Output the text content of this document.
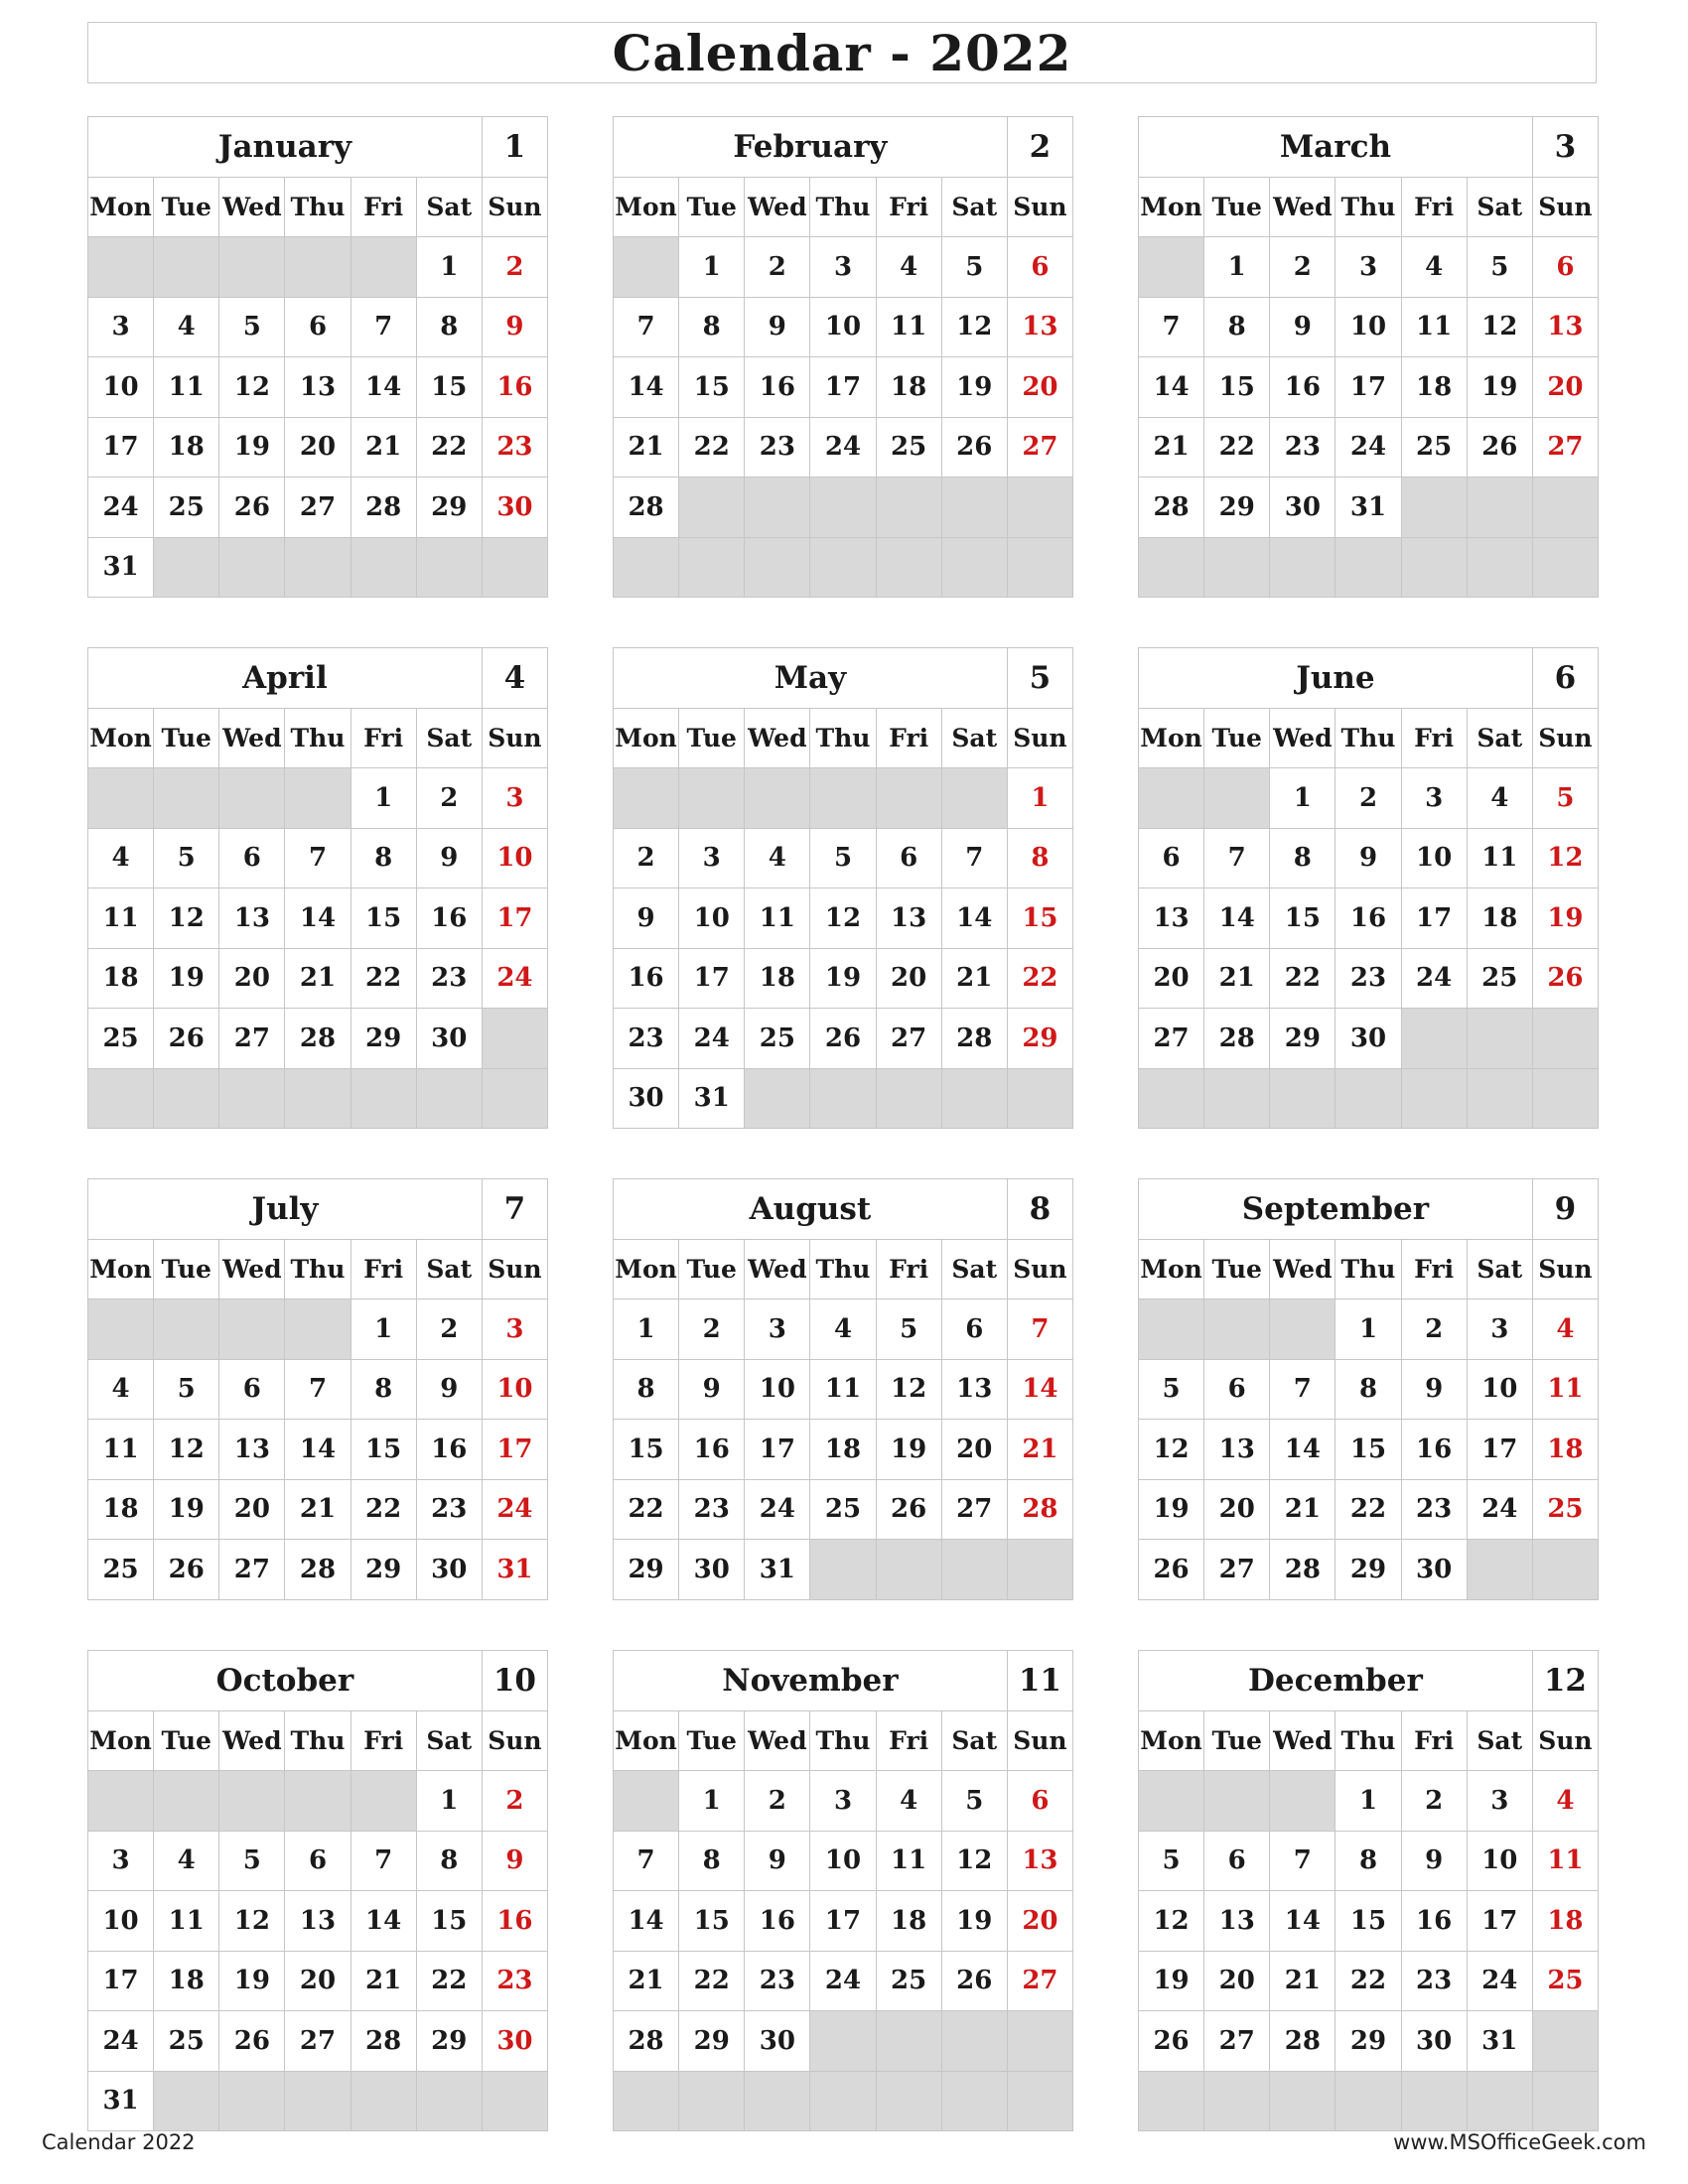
Calendar - 2022
January						1
Mon	Tue	Wed	Thu	Fri	Sat	Sun
					1	2
3	4	5	6	7	8	9
10	11	12	13	14	15	16
17	18	19	20	21	22	23
24	25	26	27	28	29	30
31						
February						2
Mon	Tue	Wed	Thu	Fri	Sat	Sun
	1	2	3	4	5	6
7	8	9	10	11	12	13
14	15	16	17	18	19	20
21	22	23	24	25	26	27
28						

March						3
Mon	Tue	Wed	Thu	Fri	Sat	Sun
	1	2	3	4	5	6
7	8	9	10	11	12	13
14	15	16	17	18	19	20
21	22	23	24	25	26	27
28	29	30	31			

April						4
Mon	Tue	Wed	Thu	Fri	Sat	Sun
				1	2	3
4	5	6	7	8	9	10
11	12	13	14	15	16	17
18	19	20	21	22	23	24
25	26	27	28	29	30	

May						5
Mon	Tue	Wed	Thu	Fri	Sat	Sun
						1
2	3	4	5	6	7	8
9	10	11	12	13	14	15
16	17	18	19	20	21	22
23	24	25	26	27	28	29
30	31					
June						6
Mon	Tue	Wed	Thu	Fri	Sat	Sun
		1	2	3	4	5
6	7	8	9	10	11	12
13	14	15	16	17	18	19
20	21	22	23	24	25	26
27	28	29	30			

July						7
Mon	Tue	Wed	Thu	Fri	Sat	Sun
				1	2	3
4	5	6	7	8	9	10
11	12	13	14	15	16	17
18	19	20	21	22	23	24
25	26	27	28	29	30	31
August						8
Mon	Tue	Wed	Thu	Fri	Sat	Sun
1	2	3	4	5	6	7
8	9	10	11	12	13	14
15	16	17	18	19	20	21
22	23	24	25	26	27	28
29	30	31				
September						9
Mon	Tue	Wed	Thu	Fri	Sat	Sun
			1	2	3	4
5	6	7	8	9	10	11
12	13	14	15	16	17	18
19	20	21	22	23	24	25
26	27	28	29	30		
October						10
Mon	Tue	Wed	Thu	Fri	Sat	Sun
					1	2
3	4	5	6	7	8	9
10	11	12	13	14	15	16
17	18	19	20	21	22	23
24	25	26	27	28	29	30
31						
November						11
Mon	Tue	Wed	Thu	Fri	Sat	Sun
	1	2	3	4	5	6
7	8	9	10	11	12	13
14	15	16	17	18	19	20
21	22	23	24	25	26	27
28	29	30				

December						12
Mon	Tue	Wed	Thu	Fri	Sat	Sun
			1	2	3	4
5	6	7	8	9	10	11
12	13	14	15	16	17	18
19	20	21	22	23	24	25
26	27	28	29	30	31	

Calendar 2022	www.MSOfficeGeek.com
